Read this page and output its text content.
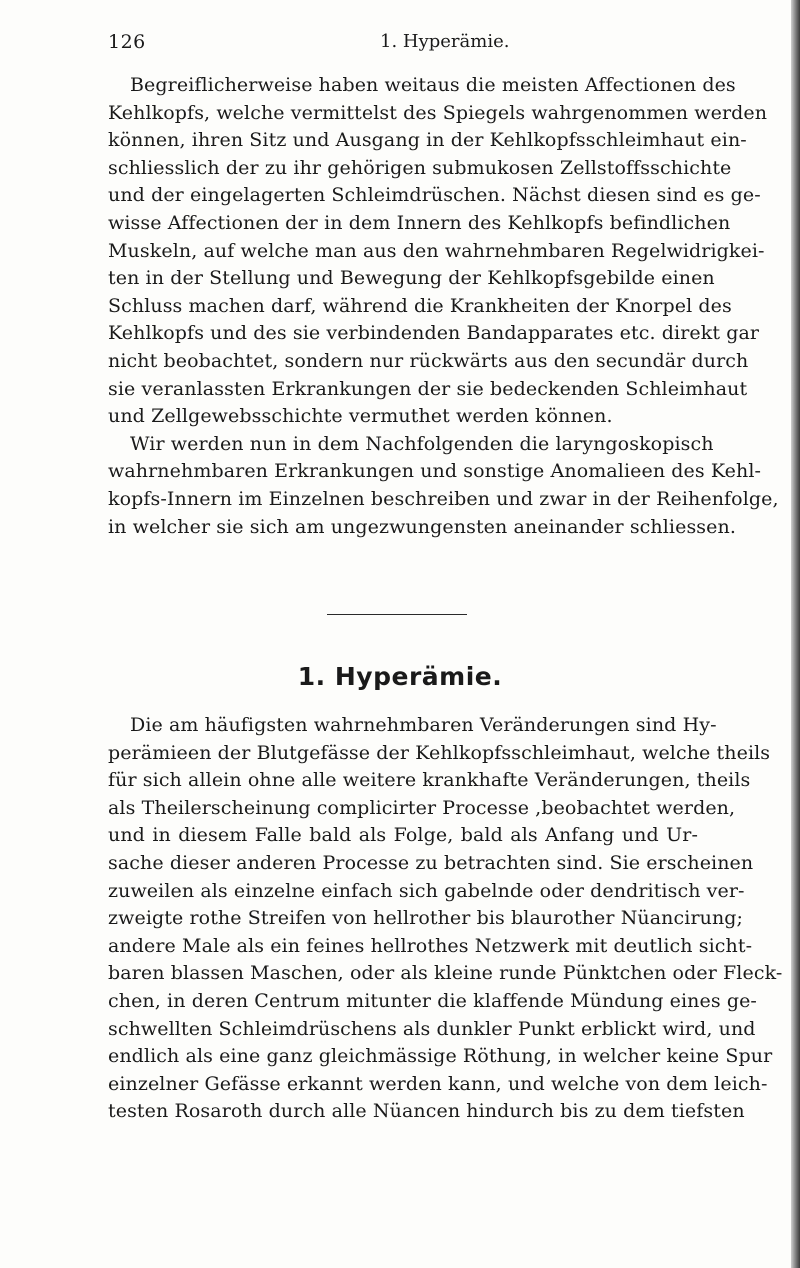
126	1. Hyperämie.
Begreiflicherweise haben weitaus die meisten Affectionen des
Kehlkopfs, welche vermittelst des Spiegels wahrgenommen werden
können, ihren Sitz und Ausgang in der Kehlkopfsschleimhaut ein-
schliesslich der zu ihr gehörigen submukosen Zellstoffsschichte
und der eingelagerten Schleimdrüschen. Nächst diesen sind es ge-
wisse Affectionen der in dem Innern des Kehlkopfs befindlichen
Muskeln, auf welche man aus den wahrnehmbaren Regelwidrigkei-
ten in der Stellung und Bewegung der Kehlkopfsgebilde einen
Schluss machen darf, während die Krankheiten der Knorpel des
Kehlkopfs und des sie verbindenden Bandapparates etc. direkt gar
nicht beobachtet, sondern nur rückwärts aus den secundär durch
sie veranlassten Erkrankungen der sie bedeckenden Schleimhaut
und Zellgewebsschichte vermuthet werden können.
Wir werden nun in dem Nachfolgenden die laryngoskopisch
wahrnehmbaren Erkrankungen und sonstige Anomalieen des Kehl-
kopfs-Innern im Einzelnen beschreiben und zwar in der Reihenfolge,
in welcher sie sich am ungezwungensten aneinander schliessen.
1. Hyperämie.
Die am häufigsten wahrnehmbaren Veränderungen sind Hy-
perämieen der Blutgefässe der Kehlkopfsschleimhaut, welche theils
für sich allein ohne alle weitere krankhafte Veränderungen, theils
als Theilerscheinung complicirter Processe ,beobachtet werden,
und in diesem Falle bald als Folge, bald als Anfang und Ur-
sache dieser anderen Processe zu betrachten sind. Sie erscheinen
zuweilen als einzelne einfach sich gabelnde oder dendritisch ver-
zweigte rothe Streifen von hellrother bis blaurother Nüancirung;
andere Male als ein feines hellrothes Netzwerk mit deutlich sicht-
baren blassen Maschen, oder als kleine runde Pünktchen oder Fleck-
chen, in deren Centrum mitunter die klaffende Mündung eines ge-
schwellten Schleimdrüschens als dunkler Punkt erblickt wird, und
endlich als eine ganz gleichmässige Röthung, in welcher keine Spur
einzelner Gefässe erkannt werden kann, und welche von dem leich-
testen Rosaroth durch alle Nüancen hindurch bis zu dem tiefsten
